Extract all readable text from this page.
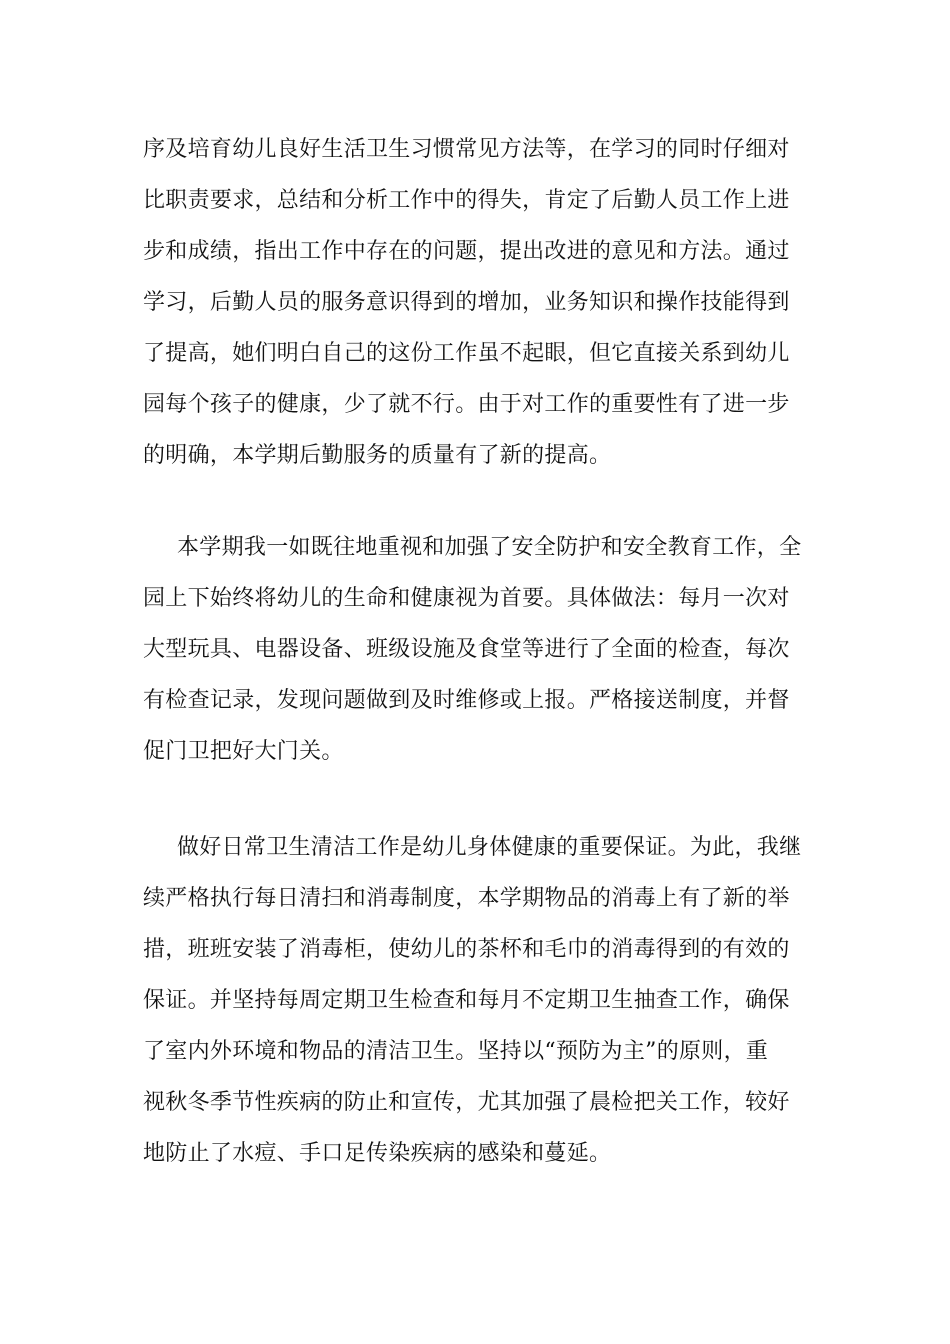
序及培育幼儿良好生活卫生习惯常见方法等，在学习的同时仔细对
比职责要求，总结和分析工作中的得失，肯定了后勤人员工作上进
步和成绩，指出工作中存在的问题，提出改进的意见和方法。通过
学习，后勤人员的服务意识得到的增加，业务知识和操作技能得到
了提高，她们明白自己的这份工作虽不起眼，但它直接关系到幼儿
园每个孩子的健康，少了就不行。由于对工作的重要性有了进一步
的明确，本学期后勤服务的质量有了新的提高。
本学期我一如既往地重视和加强了安全防护和安全教育工作，全
园上下始终将幼儿的生命和健康视为首要。具体做法：每月一次对
大型玩具、电器设备、班级设施及食堂等进行了全面的检查，每次
有检查记录，发现问题做到及时维修或上报。严格接送制度，并督
促门卫把好大门关。
做好日常卫生清洁工作是幼儿身体健康的重要保证。为此，我继
续严格执行每日清扫和消毒制度，本学期物品的消毒上有了新的举
措，班班安装了消毒柜，使幼儿的茶杯和毛巾的消毒得到的有效的
保证。并坚持每周定期卫生检查和每月不定期卫生抽查工作，确保
了室内外环境和物品的清洁卫生。坚持以“预防为主”的原则，重
视秋冬季节性疾病的防止和宣传，尤其加强了晨检把关工作，较好
地防止了水痘、手口足传染疾病的感染和蔓延。
